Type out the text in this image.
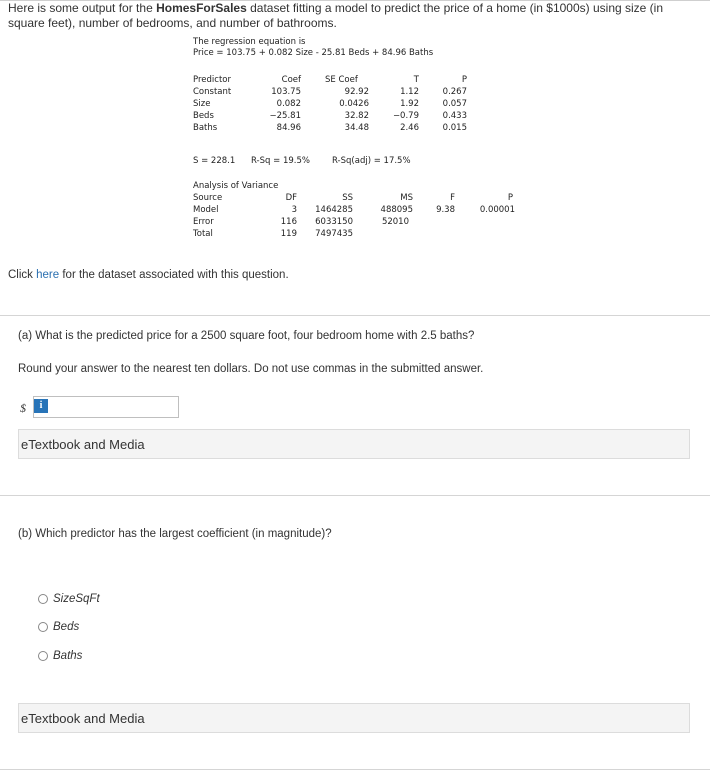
Here is some output for the HomesForSales dataset fitting a model to predict the price of a home (in $1000s) using size (in square feet), number of bedrooms, and number of bathrooms.
The regression equation is
Price = 103.75 + 0.082 Size - 25.81 Beds + 84.96 Baths
Predictor	Coef	SE Coef	T	P
Constant	103.75	92.92	1.12	0.267
Size	0.082	0.0426	1.92	0.057
Beds	−25.81	32.82	−0.79	0.433
Baths	84.96	34.48	2.46	0.015
S = 228.1 R-Sq = 19.5%	R-Sq(adj) = 17.5%
Analysis of Variance
Source	DF	SS	MS	F	P
Model	3	1464285	488095	9.38	0.00001
Error	116	6033150	52010
Total	119	7497435
Click here for the dataset associated with this question.
(a) What is the predicted price for a 2500 square foot, four bedroom home with 2.5 baths?
Round your answer to the nearest ten dollars. Do not use commas in the submitted answer.
$	i
eTextbook and Media
(b) Which predictor has the largest coefficient (in magnitude)?
SizeSqFt
Beds
Baths
eTextbook and Media
